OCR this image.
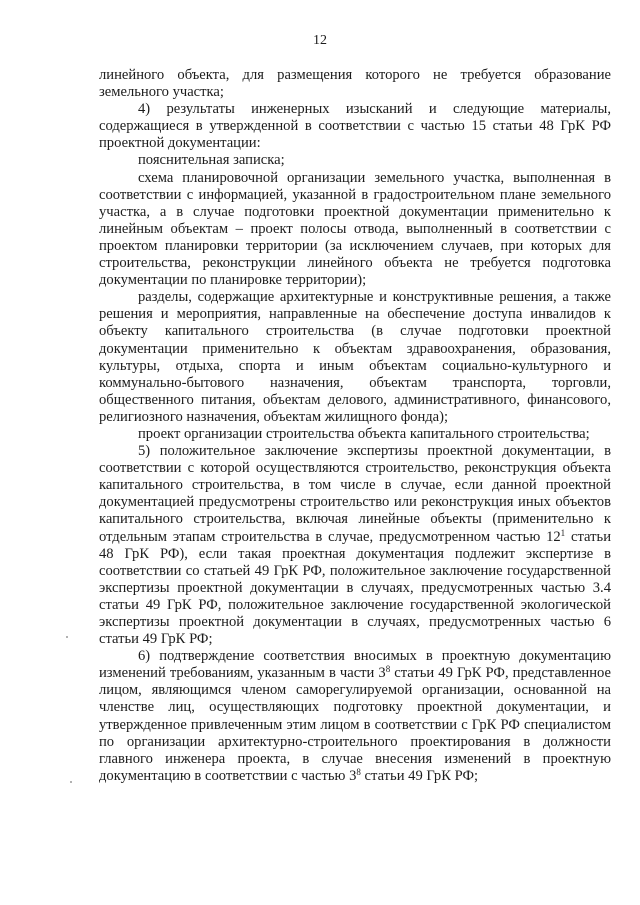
12

линейного объекта, для размещения которого не требуется образование земельного участка;

4) результаты инженерных изысканий и следующие материалы, содержащиеся в утвержденной в соответствии с частью 15 статьи 48 ГрК РФ проектной документации:

пояснительная записка;

схема планировочной организации земельного участка, выполненная в соответствии с информацией, указанной в градостроительном плане земельного участка, а в случае подготовки проектной документации применительно к линейным объектам – проект полосы отвода, выполненный в соответствии с проектом планировки территории (за исключением случаев, при которых для строительства, реконструкции линейного объекта не требуется подготовка документации по планировке территории);

разделы, содержащие архитектурные и конструктивные решения, а также решения и мероприятия, направленные на обеспечение доступа инвалидов к объекту капитального строительства (в случае подготовки проектной документации применительно к объектам здравоохранения, образования, культуры, отдыха, спорта и иным объектам социально-культурного и коммунально-бытового назначения, объектам транспорта, торговли, общественного питания, объектам делового, административного, финансового, религиозного назначения, объектам жилищного фонда);

проект организации строительства объекта капитального строительства;

5) положительное заключение экспертизы проектной документации, в соответствии с которой осуществляются строительство, реконструкция объекта капитального строительства, в том числе в случае, если данной проектной документацией предусмотрены строительство или реконструкция иных объектов капитального строительства, включая линейные объекты (применительно к отдельным этапам строительства в случае, предусмотренном частью $12^1$ статьи 48 ГрК РФ), если такая проектная документация подлежит экспертизе в соответствии со статьей 49 ГрК РФ, положительное заключение государственной экспертизы проектной документации в случаях, предусмотренных частью 3.4 статьи 49 ГрК РФ, положительное заключение государственной экологической экспертизы проектной документации в случаях, предусмотренных частью 6 статьи 49 ГрК РФ;

6) подтверждение соответствия вносимых в проектную документацию изменений требованиям, указанным в части $3^8$ статьи 49 ГрК РФ, представленное лицом, являющимся членом саморегулируемой организации, основанной на членстве лиц, осуществляющих подготовку проектной документации, и утвержденное привлеченным этим лицом в соответствии с ГрК РФ специалистом по организации архитектурно-строительного проектирования в должности главного инженера проекта, в случае внесения изменений в проектную документацию в соответствии с частью $3^8$ статьи 49 ГрК РФ;
